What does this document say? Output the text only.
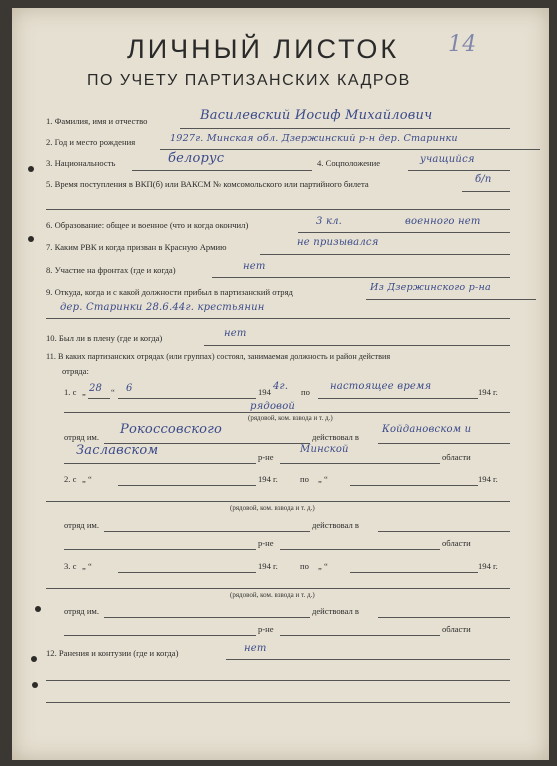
ЛИЧНЫЙ ЛИСТОК 14
ПО УЧЕТУ ПАРТИЗАНСКИХ КАДРОВ
1. Фамилия, имя и отчество	Василевский Иосиф Михайлович
2. Год и место рождения	1927г. Минская обл. Дзержинский р-н дер. Старинки
3. Национальность	белорус	4. Соцположение	учащийся
5. Время поступления в ВКП(б) или ВАКСМ № комсомольского или партийного билета	б/п
6. Образование: общее и военное (что и когда окончил)	3 кл.	военного нет
7. Каким РВК и когда призван в Красную Армию	не призывался
8. Участие на фронтах (где и когда)	нет
9. Откуда, когда и с какой должности прибыл в партизанский отряд	Из Дзержинского р-на
дер. Старинки 28.6.44г. крестьянин
10. Был ли в плену (где и когда)	нет
11. В каких партизанских отрядах (или группах) состоял, занимаемая должность и район действия
отряда:
1. с „ 28 “ 6	194 4г. по настоящее время	194 г.
рядовой
(рядовой, ком. взвода и т. д.)
отряд им. Рокоссовского	действовал в
Койдановском и
Заславском	р-не
Минской
области
2. с „ “	194 г.	по „ “	194 г.
(рядовой, ком. взвода и т. д.)
отряд им.	действовал в
р-не	области
3. с „ “	194 г.	по „ “	194 г.
(рядовой, ком. взвода и т. д.)
отряд им.	действовал в
р-не	области
12. Ранения и контузии (где и когда)	нет
